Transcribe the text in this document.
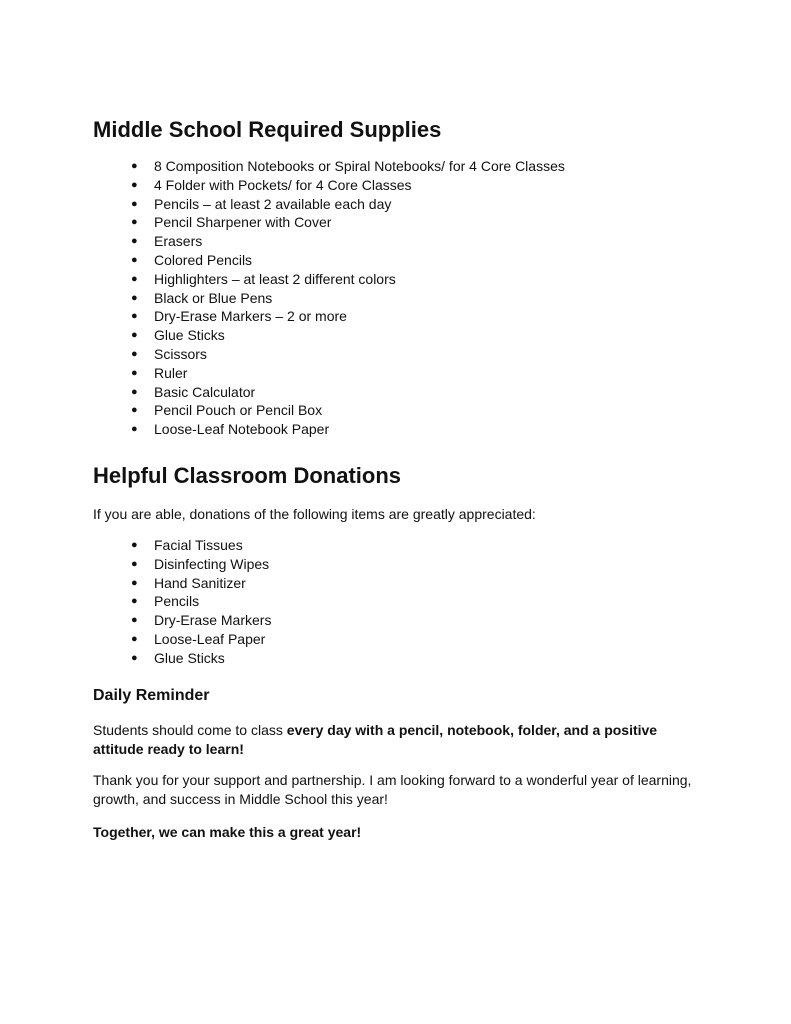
Middle School Required Supplies
● 8 Composition Notebooks or Spiral Notebooks/ for 4 Core Classes
● 4 Folder with Pockets/ for 4 Core Classes
● Pencils – at least 2 available each day
● Pencil Sharpener with Cover
● Erasers
● Colored Pencils
● Highlighters – at least 2 different colors
● Black or Blue Pens
● Dry-Erase Markers – 2 or more
● Glue Sticks
● Scissors
● Ruler
● Basic Calculator
● Pencil Pouch or Pencil Box
● Loose-Leaf Notebook Paper
Helpful Classroom Donations

If you are able, donations of the following items are greatly appreciated:

● Facial Tissues
● Disinfecting Wipes
● Hand Sanitizer
● Pencils
● Dry-Erase Markers
● Loose-Leaf Paper
● Glue Sticks
Daily Reminder

Students should come to class every day with a pencil, notebook, folder, and a positive attitude ready to learn!

Thank you for your support and partnership. I am looking forward to a wonderful year of learning, growth, and success in Middle School this year!

Together, we can make this a great year!
